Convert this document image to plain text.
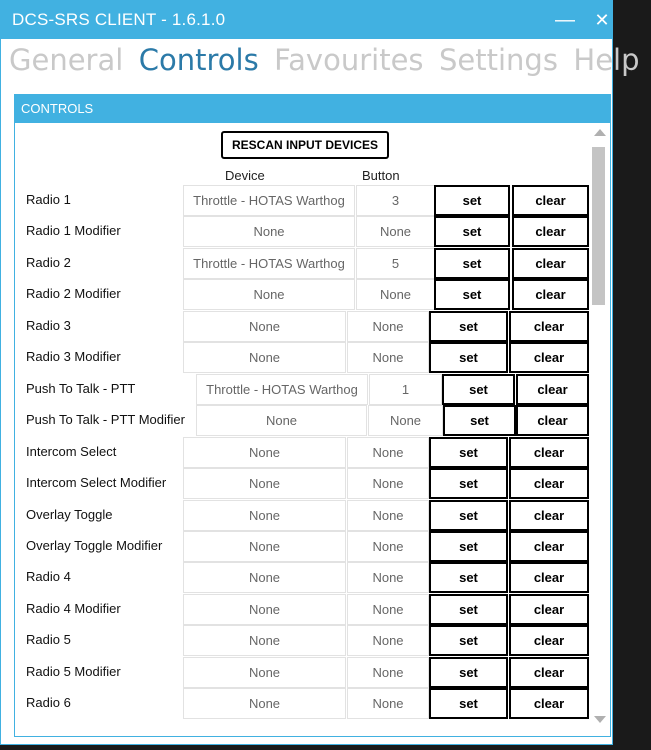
DCS-SRS CLIENT - 1.6.1.0	— ✕
General Controls Favourites Settings Help
CONTROLS
RESCAN INPUT DEVICES
Device	Button
Radio 1	Throttle - HOTAS Warthog	3	set	clear
Radio 1 Modifier	None	None	set	clear
Radio 2	Throttle - HOTAS Warthog	5	set	clear
Radio 2 Modifier	None	None	set	clear
Radio 3	None	None	set	clear
Radio 3 Modifier	None	None	set	clear
Push To Talk - PTT	Throttle - HOTAS Warthog	1	set	clear
Push To Talk - PTT Modifier	None	None	set	clear
Intercom Select	None	None	set	clear
Intercom Select Modifier	None	None	set	clear
Overlay Toggle	None	None	set	clear
Overlay Toggle Modifier	None	None	set	clear
Radio 4	None	None	set	clear
Radio 4 Modifier	None	None	set	clear
Radio 5	None	None	set	clear
Radio 5 Modifier	None	None	set	clear
Radio 6	None	None	set	clear
